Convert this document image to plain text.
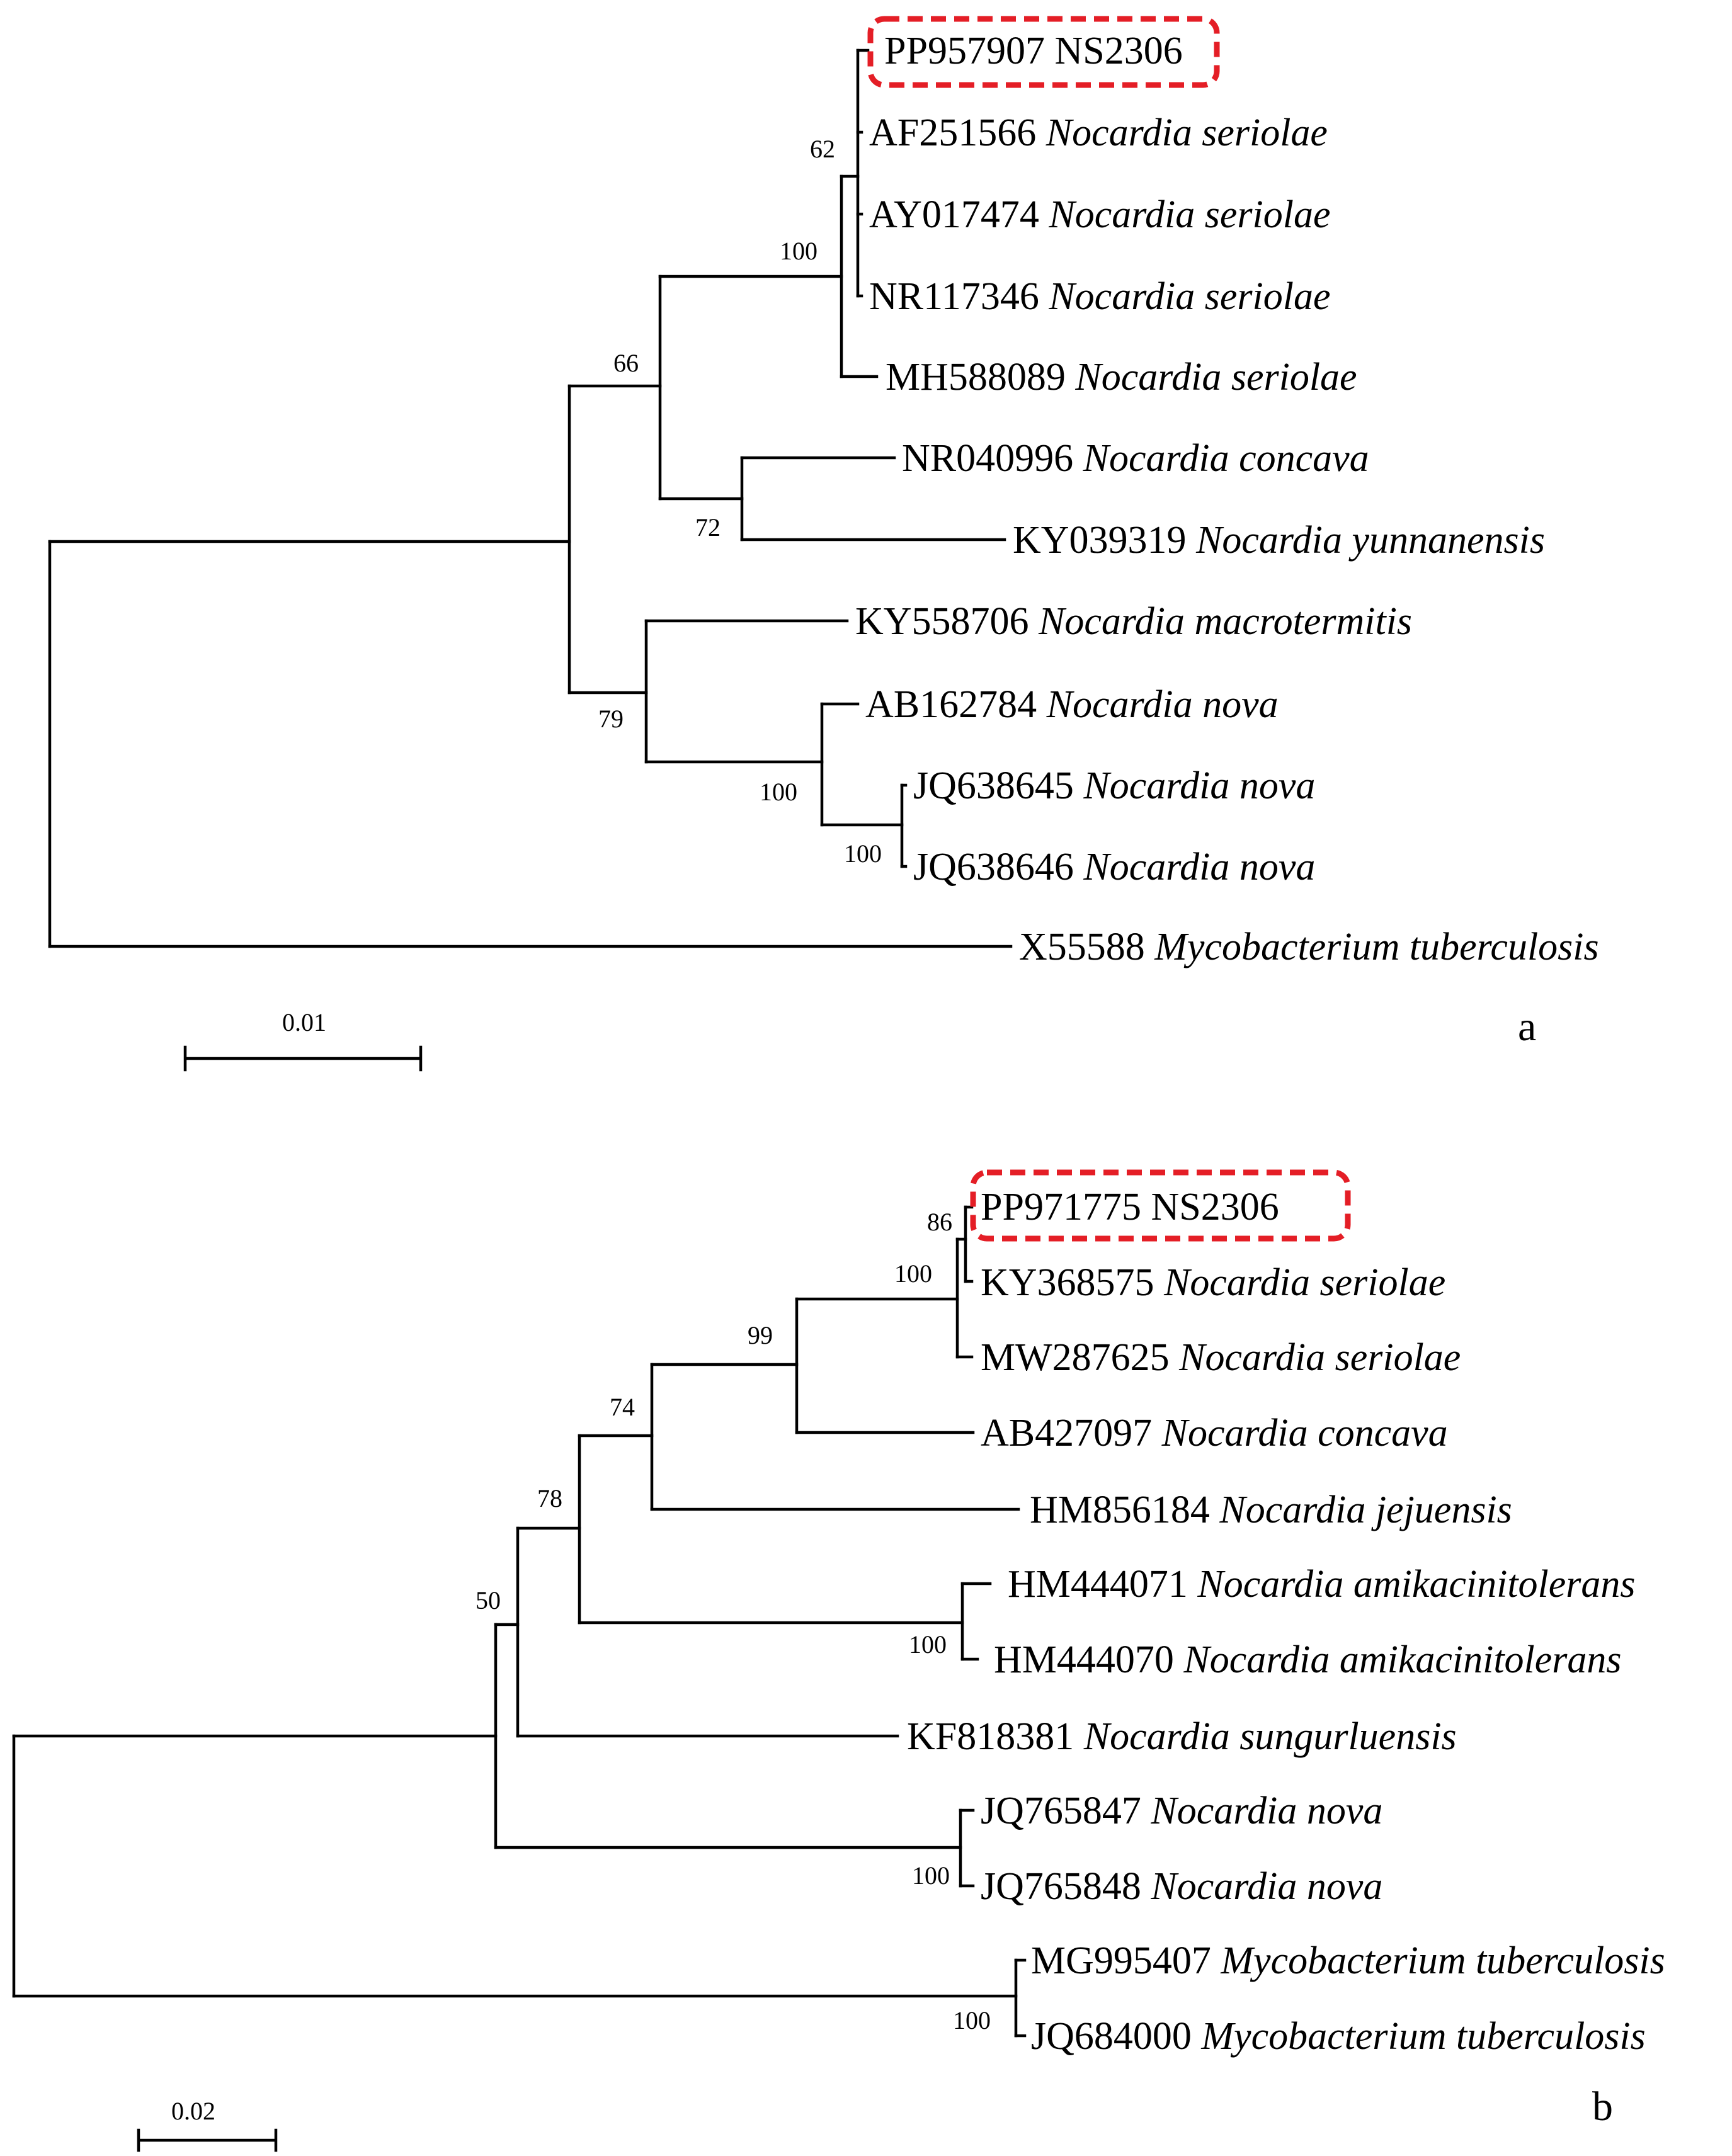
PP957907 NS2306
AF251566 Nocardia seriolae
AY017474 Nocardia seriolae
NR117346 Nocardia seriolae
MH588089 Nocardia seriolae
NR040996 Nocardia concava
KY039319 Nocardia yunnanensis
KY558706 Nocardia macrotermitis
AB162784 Nocardia nova
JQ638645 Nocardia nova
JQ638646 Nocardia nova
X55588 Mycobacterium tuberculosis
62
100
66
72
79
100
100
0.01	a
PP971775 NS2306
KY368575 Nocardia seriolae
MW287625 Nocardia seriolae
AB427097 Nocardia concava
HM856184 Nocardia jejuensis
HM444071 Nocardia amikacinitolerans
HM444070 Nocardia amikacinitolerans
KF818381 Nocardia sungurluensis
JQ765847 Nocardia nova
JQ765848 Nocardia nova
MG995407 Mycobacterium tuberculosis
JQ684000 Mycobacterium tuberculosis
86
100
99
74
78
50
100
100
100
0.02	b
